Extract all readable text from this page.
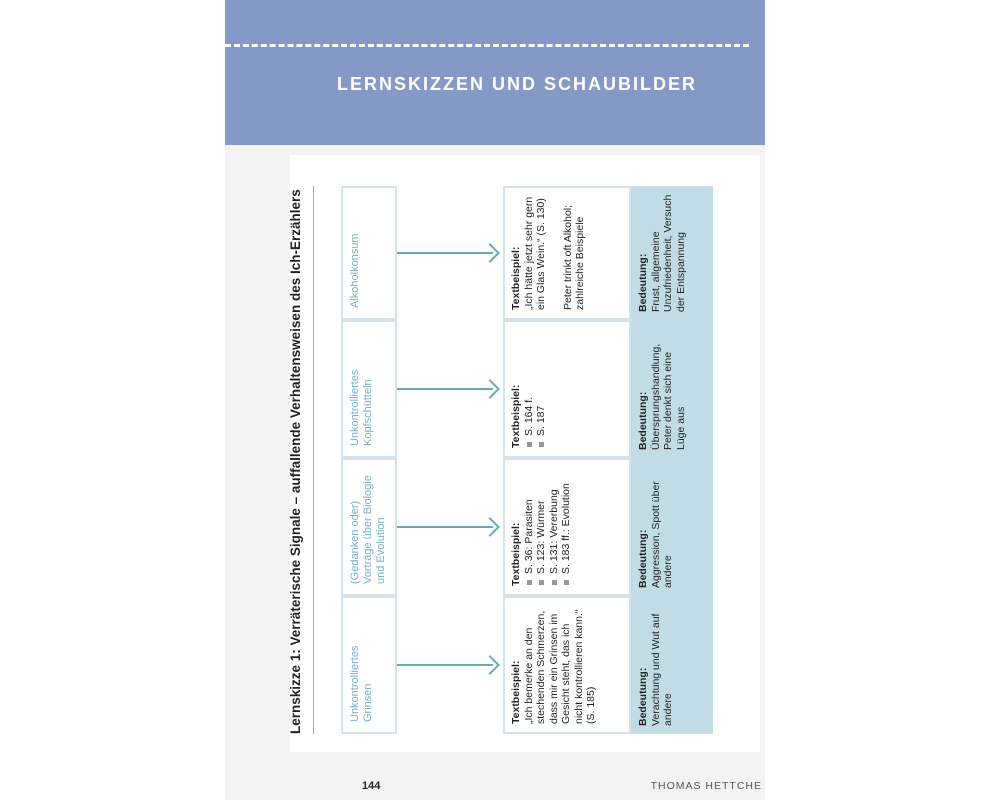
LERNSKIZZEN UND SCHAUBILDER
Lernskizze 1: Verräterische Signale – auffallende Verhaltensweisen des Ich-Erzählers	Unkontrolliertes Grinsen
(Gedanken oder) Vorträge über Biologie und Evolution
Unkontrolliertes Kopfschütteln
Alkoholkonsum
Textbeispiel: „Ich bemerke an den stechenden Schmerzen, dass mir ein Grinsen im Gesicht steht, das ich nicht kontrollieren kann.“ (S. 185)

Textbeispiel: S. 36: Parasiten S. 123: Würmer S. 131: Vererbung S. 183 ff.: Evolution
Textbeispiel: S. 164 f. S. 187
Textbeispiel: „Ich hätte jetzt sehr gern ein Glas Wein.“ (S. 130) Peter trinkt oft Alkohol; zahlreiche Beispiele

Bedeutung: Verachtung und Wut auf andere
Bedeutung: Aggression, Spott über andere
Bedeutung: Übersprungshandlung, Peter denkt sich eine Lüge aus
Bedeutung: Frust, allgemeine Unzufriedenheit, Versuch der Entspannung
144	THOMAS HETTCHE
